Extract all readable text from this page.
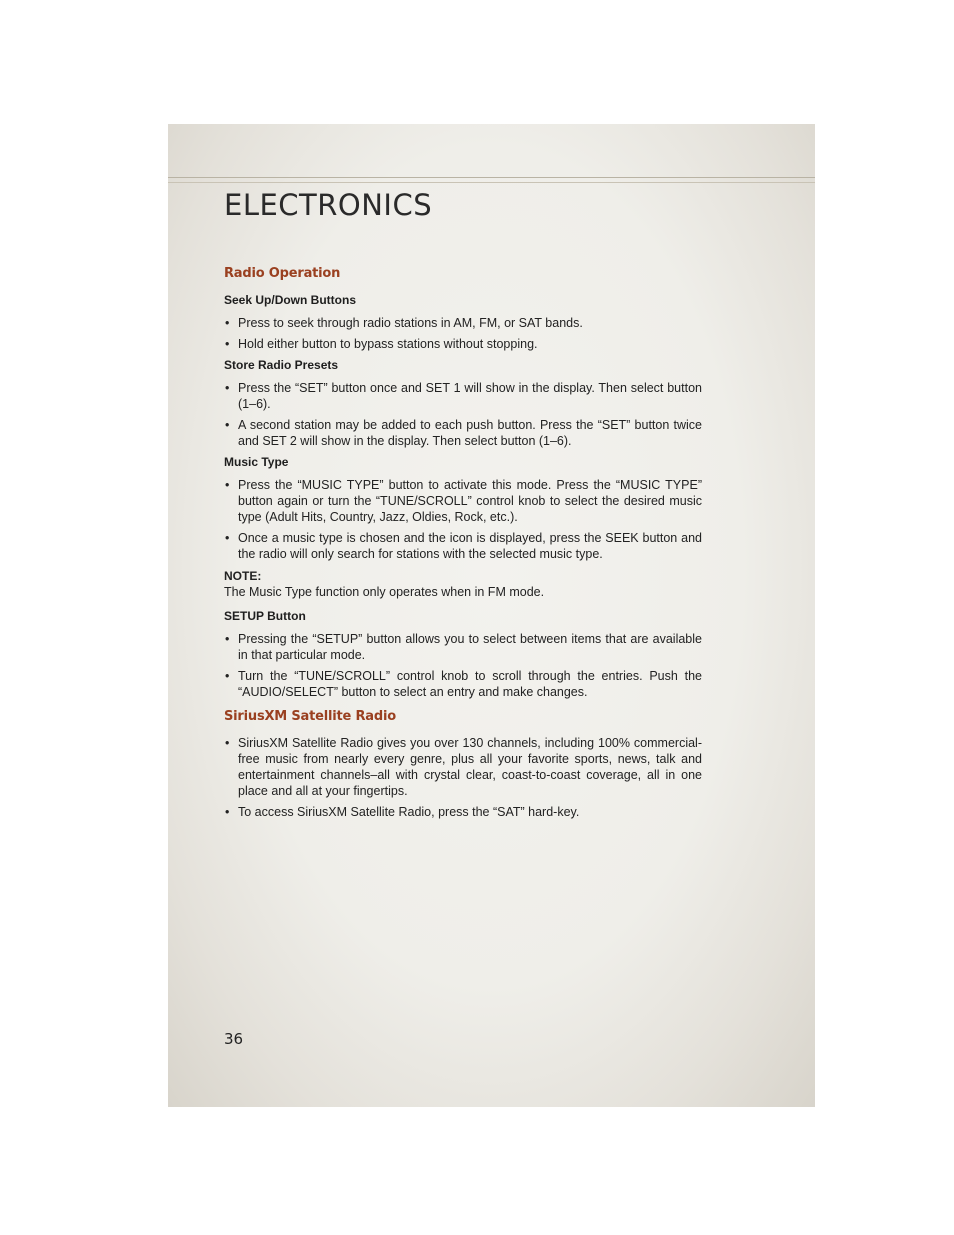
ELECTRONICS
Radio Operation
Seek Up/Down Buttons
• Press to seek through radio stations in AM, FM, or SAT bands.
• Hold either button to bypass stations without stopping.
Store Radio Presets
• Press the “SET” button once and SET 1 will show in the display. Then select button (1–6).
• A second station may be added to each push button. Press the “SET” button twice and SET 2 will show in the display. Then select button (1–6).
Music Type
• Press the “MUSIC TYPE” button to activate this mode. Press the “MUSIC TYPE” button again or turn the “TUNE/SCROLL” control knob to select the desired music type (Adult Hits, Country, Jazz, Oldies, Rock, etc.).
• Once a music type is chosen and the icon is displayed, press the SEEK button and the radio will only search for stations with the selected music type.
NOTE:
The Music Type function only operates when in FM mode.
SETUP Button
• Pressing the “SETUP” button allows you to select between items that are available in that particular mode.
• Turn the “TUNE/SCROLL” control knob to scroll through the entries. Push the “AUDIO/SELECT” button to select an entry and make changes.
SiriusXM Satellite Radio
• SiriusXM Satellite Radio gives you over 130 channels, including 100% commercial-free music from nearly every genre, plus all your favorite sports, news, talk and entertainment channels–all with crystal clear, coast-to-coast coverage, all in one place and all at your fingertips.
• To access SiriusXM Satellite Radio, press the “SAT” hard-key.
36
